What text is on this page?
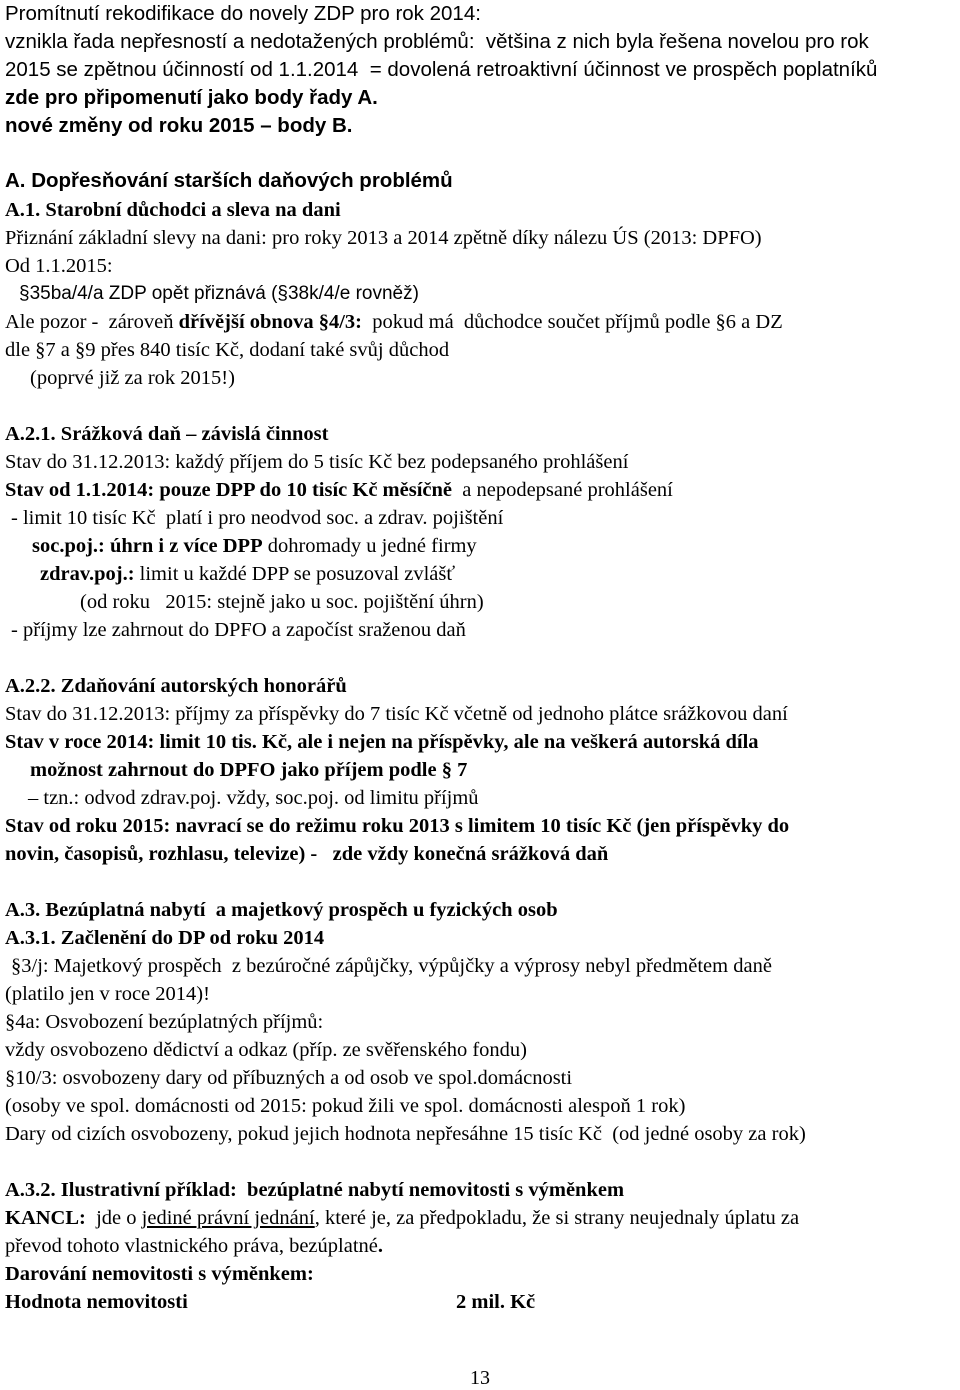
Promítnutí rekodifikace do novely ZDP pro rok 2014:
vznikla řada nepřesností a nedotažených problémů:  většina z nich byla řešena novelou pro rok
2015 se zpětnou účinností od 1.1.2014  = dovolená retroaktivní účinnost ve prospěch poplatníků
zde pro připomenutí jako body řady A.
nové změny od roku 2015 – body B.
A. Dopřesňování starších daňových problémů
A.1. Starobní důchodci a sleva na dani
Přiznání základní slevy na dani: pro roky 2013 a 2014 zpětně díky nálezu ÚS (2013: DPFO)
Od 1.1.2015:
§35ba/4/a ZDP opět přiznává (§38k/4/e rovněž)
Ale pozor -  zároveň dřívější obnova §4/3:  pokud má  důchodce součet příjmů podle §6 a DZ
dle §7 a §9 přes 840 tisíc Kč, dodaní také svůj důchod
(poprvé již za rok 2015!)
A.2.1. Srážková daň – závislá činnost
Stav do 31.12.2013: každý příjem do 5 tisíc Kč bez podepsaného prohlášení
Stav od 1.1.2014: pouze DPP do 10 tisíc Kč měsíčně  a nepodepsané prohlášení
- limit 10 tisíc Kč  platí i pro neodvod soc. a zdrav. pojištění
soc.poj.: úhrn i z více DPP dohromady u jedné firmy
zdrav.poj.: limit u každé DPP se posuzoval zvlášť
(od roku   2015: stejně jako u soc. pojištění úhrn)
- příjmy lze zahrnout do DPFO a započíst sraženou daň
A.2.2. Zdaňování autorských honorářů
Stav do 31.12.2013: příjmy za příspěvky do 7 tisíc Kč včetně od jednoho plátce srážkovou daní
Stav v roce 2014: limit 10 tis. Kč, ale i nejen na příspěvky, ale na veškerá autorská díla
možnost zahrnout do DPFO jako příjem podle § 7
– tzn.: odvod zdrav.poj. vždy, soc.poj. od limitu příjmů
Stav od roku 2015: navrací se do režimu roku 2013 s limitem 10 tisíc Kč (jen příspěvky do
novin, časopisů, rozhlasu, televize) -   zde vždy konečná srážková daň
A.3. Bezúplatná nabytí  a majetkový prospěch u fyzických osob
A.3.1. Začlenění do DP od roku 2014
§3/j: Majetkový prospěch  z bezúročné zápůjčky, výpůjčky a výprosy nebyl předmětem daně
(platilo jen v roce 2014)!
§4a: Osvobození bezúplatných příjmů:
vždy osvobozeno dědictví a odkaz (příp. ze svěřenského fondu)
§10/3: osvobozeny dary od příbuzných a od osob ve spol.domácnosti
(osoby ve spol. domácnosti od 2015: pokud žili ve spol. domácnosti alespoň 1 rok)
Dary od cizích osvobozeny, pokud jejich hodnota nepřesáhne 15 tisíc Kč  (od jedné osoby za rok)
A.3.2. Ilustrativní příklad:  bezúplatné nabytí nemovitosti s výměnkem
KANCL:  jde o jediné právní jednání, které je, za předpokladu, že si strany neujednaly úplatu za
převod tohoto vlastnického práva, bezúplatné.
Darování nemovitosti s výměnkem:
Hodnota nemovitosti	2 mil. Kč
13
